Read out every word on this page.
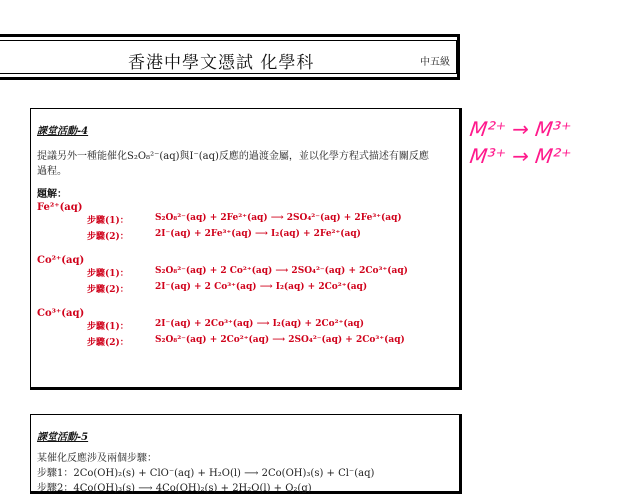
香港中學文憑試 化學科	中五級
課堂活動-4
提議另外一種能催化S₂O₈²⁻(aq)與I⁻(aq)反應的過渡金屬，並以化學方程式描述有關反應
過程。
題解：
Fe²⁺(aq)
步驟(1)：	S₂O₈²⁻(aq) + 2Fe²⁺(aq) ⟶ 2SO₄²⁻(aq) + 2Fe³⁺(aq)
步驟(2)：	2I⁻(aq) + 2Fe³⁺(aq) ⟶ I₂(aq) + 2Fe²⁺(aq)
Co²⁺(aq)
步驟(1)：	S₂O₈²⁻(aq) + 2 Co²⁺(aq) ⟶ 2SO₄²⁻(aq) + 2Co³⁺(aq)
步驟(2)：	2I⁻(aq) + 2 Co³⁺(aq) ⟶ I₂(aq) + 2Co²⁺(aq)
Co³⁺(aq)
步驟(1)：	2I⁻(aq) + 2Co³⁺(aq) ⟶ I₂(aq) + 2Co²⁺(aq)
步驟(2)：	S₂O₈²⁻(aq) + 2Co²⁺(aq) ⟶ 2SO₄²⁻(aq) + 2Co³⁺(aq)
課堂活動-5
某催化反應涉及兩個步驟：
步驟1：2Co(OH)₂(s) + ClO⁻(aq) + H₂O(l) ⟶ 2Co(OH)₃(s) + Cl⁻(aq)
步驟2：4Co(OH)₃(s) ⟶ 4Co(OH)₂(s) + 2H₂O(l) + O₂(g)
M²⁺ → M³⁺
M³⁺ → M²⁺
